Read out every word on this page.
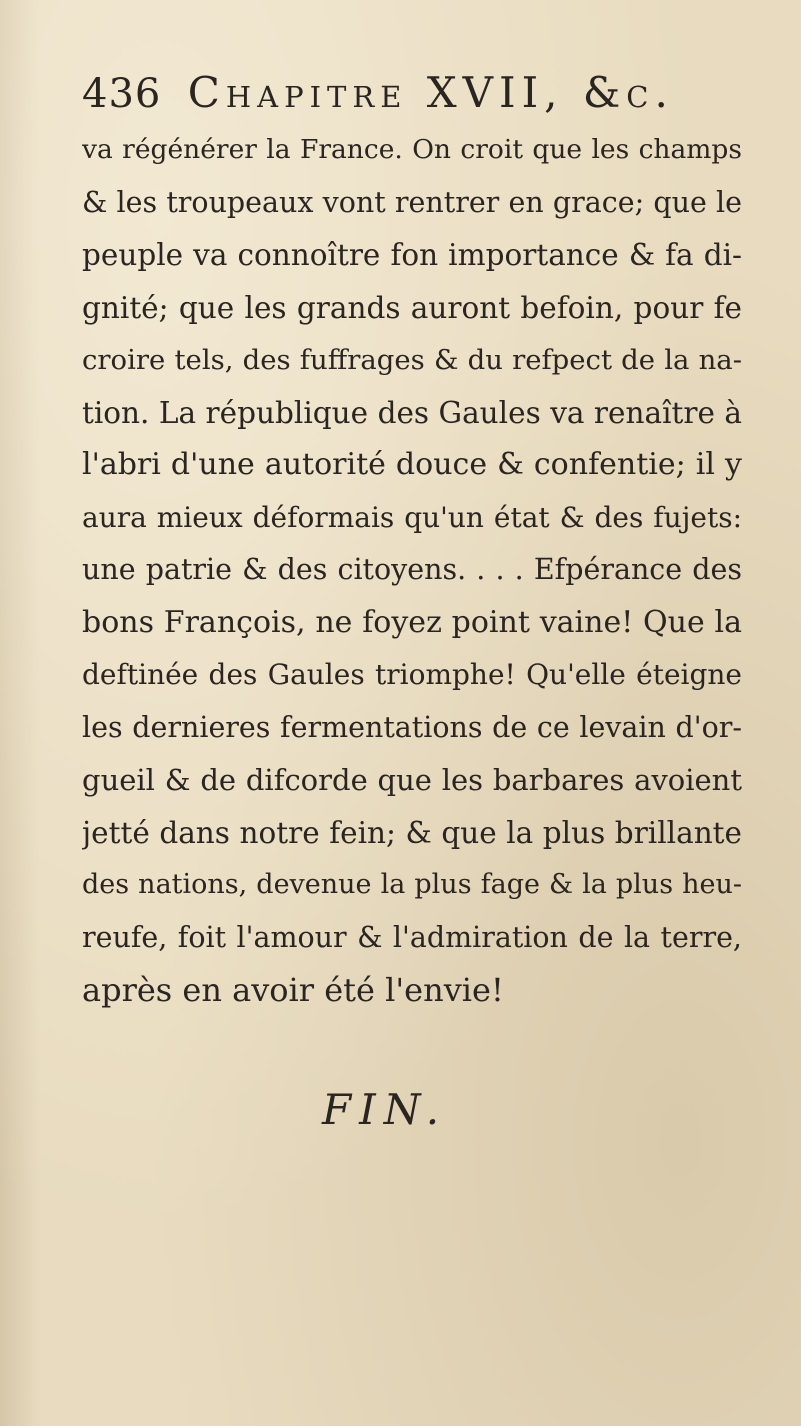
436 Chapitre XVII, &c.
va régénérer la France. On croit que les champs
& les troupeaux vont rentrer en grace; que le
peuple va connoître fon importance & fa di-
gnité; que les grands auront befoin, pour fe
croire tels, des fuffrages & du refpect de la na-
tion. La république des Gaules va renaître à
l'abri d'une autorité douce & confentie; il y
aura mieux déformais qu'un état & des fujets:
une patrie & des citoyens. . . . Efpérance des
bons François, ne foyez point vaine! Que la
deftinée des Gaules triomphe! Qu'elle éteigne
les dernieres fermentations de ce levain d'or-
gueil & de difcorde que les barbares avoient
jetté dans notre fein; & que la plus brillante
des nations, devenue la plus fage & la plus heu-
reufe, foit l'amour & l'admiration de la terre,
après en avoir été l'envie!
FIN.
